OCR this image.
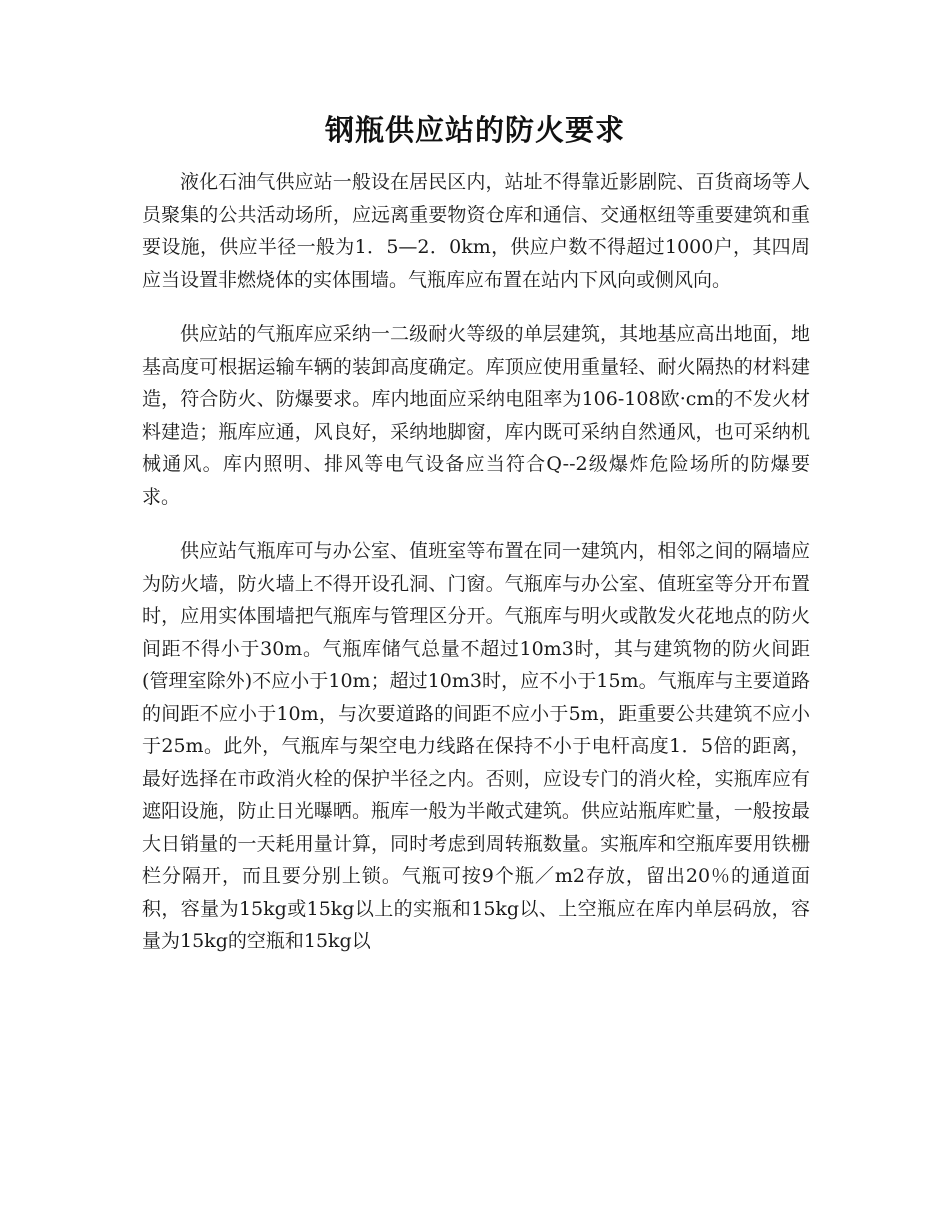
钢瓶供应站的防火要求

液化石油气供应站一般设在居民区内，站址不得靠近影剧院、百货商场等人员聚集的公共活动场所，应远离重要物资仓库和通信、交通枢纽等重要建筑和重要设施，供应半径一般为1．5—2．0km，供应户数不得超过1000户，其四周应当设置非燃烧体的实体围墙。气瓶库应布置在站内下风向或侧风向。

供应站的气瓶库应采纳一二级耐火等级的单层建筑，其地基应高出地面，地基高度可根据运输车辆的装卸高度确定。库顶应使用重量轻、耐火隔热的材料建造，符合防火、防爆要求。库内地面应采纳电阻率为106-108欧·cm的不发火材料建造；瓶库应通，风良好，采纳地脚窗，库内既可采纳自然通风，也可采纳机械通风。库内照明、排风等电气设备应当符合Q--2级爆炸危险场所的防爆要求。

供应站气瓶库可与办公室、值班室等布置在同一建筑内，相邻之间的隔墙应为防火墙，防火墙上不得开设孔洞、门窗。气瓶库与办公室、值班室等分开布置时，应用实体围墙把气瓶库与管理区分开。气瓶库与明火或散发火花地点的防火间距不得小于30m。气瓶库储气总量不超过10m3时，其与建筑物的防火间距(管理室除外)不应小于10m；超过10m3时，应不小于15m。气瓶库与主要道路的间距不应小于10m，与次要道路的间距不应小于5m，距重要公共建筑不应小于25m。此外，气瓶库与架空电力线路在保持不小于电杆高度1．5倍的距离，最好选择在市政消火栓的保护半径之内。否则，应设专门的消火栓，实瓶库应有遮阳设施，防止日光曝晒。瓶库一般为半敞式建筑。供应站瓶库贮量，一般按最大日销量的一天耗用量计算，同时考虑到周转瓶数量。实瓶库和空瓶库要用铁栅栏分隔开，而且要分别上锁。气瓶可按9个瓶／m2存放，留出20％的通道面积，容量为15kg或15kg以上的实瓶和15kg以、上空瓶应在库内单层码放，容量为15kg的空瓶和15kg以
